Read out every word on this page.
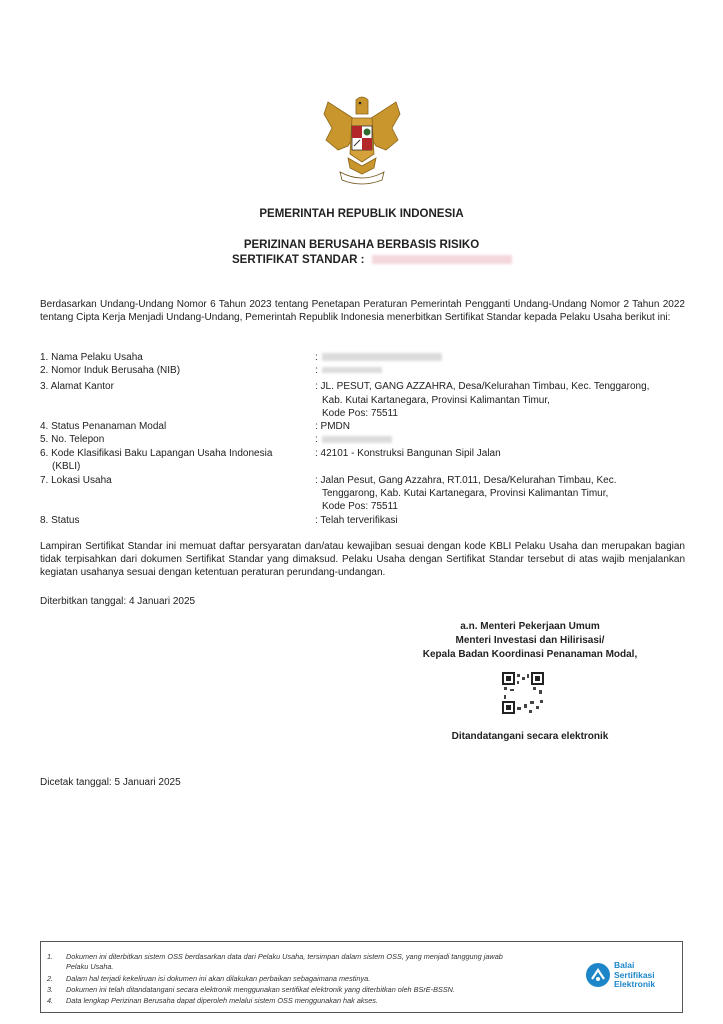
PEMERINTAH REPUBLIK INDONESIA
PERIZINAN BERUSAHA BERBASIS RISIKO
SERTIFIKAT STANDAR :
Berdasarkan Undang-Undang Nomor 6 Tahun 2023 tentang Penetapan Peraturan Pemerintah Pengganti Undang-Undang Nomor 2 Tahun 2022 tentang Cipta Kerja Menjadi Undang-Undang, Pemerintah Republik Indonesia menerbitkan Sertifikat Standar kepada Pelaku Usaha berikut ini:
1. Nama Pelaku Usaha	:
2. Nomor Induk Berusaha (NIB)	:
3. Alamat Kantor	: JL. PESUT, GANG AZZAHRA, Desa/Kelurahan Timbau, Kec. Tenggarong,
Kab. Kutai Kartanegara, Provinsi Kalimantan Timur,
Kode Pos: 75511
4. Status Penanaman Modal	: PMDN
5. No. Telepon	:
6. Kode Klasifikasi Baku Lapangan Usaha Indonesia
(KBLI)
: 42101 - Konstruksi Bangunan Sipil Jalan
7. Lokasi Usaha	: Jalan Pesut, Gang Azzahra, RT.011, Desa/Kelurahan Timbau, Kec.
Tenggarong, Kab. Kutai Kartanegara, Provinsi Kalimantan Timur,
Kode Pos: 75511
8. Status	: Telah terverifikasi
Lampiran Sertifikat Standar ini memuat daftar persyaratan dan/atau kewajiban sesuai dengan kode KBLI Pelaku Usaha dan merupakan bagian tidak terpisahkan dari dokumen Sertifikat Standar yang dimaksud. Pelaku Usaha dengan Sertifikat Standar tersebut di atas wajib menjalankan kegiatan usahanya sesuai dengan ketentuan peraturan perundang-undangan.
Diterbitkan tanggal: 4 Januari 2025
a.n. Menteri Pekerjaan Umum
Menteri Investasi dan Hilirisasi/
Kepala Badan Koordinasi Penanaman Modal,
Ditandatangani secara elektronik
Dicetak tanggal: 5 Januari 2025
1. Dokumen ini diterbitkan sistem OSS berdasarkan data dari Pelaku Usaha, tersimpan dalam sistem OSS, yang menjadi tanggung jawab
Pelaku Usaha.
2. Dalam hal terjadi kekeliruan isi dokumen ini akan dilakukan perbaikan sebagaimana mestinya.
3. Dokumen ini telah ditandatangani secara elektronik menggunakan sertifikat elektronik yang diterbitkan oleh BSrE-BSSN.
4. Data lengkap Perizinan Berusaha dapat diperoleh melalui sistem OSS menggunakan hak akses.
Balai
Sertifikasi
Elektronik
